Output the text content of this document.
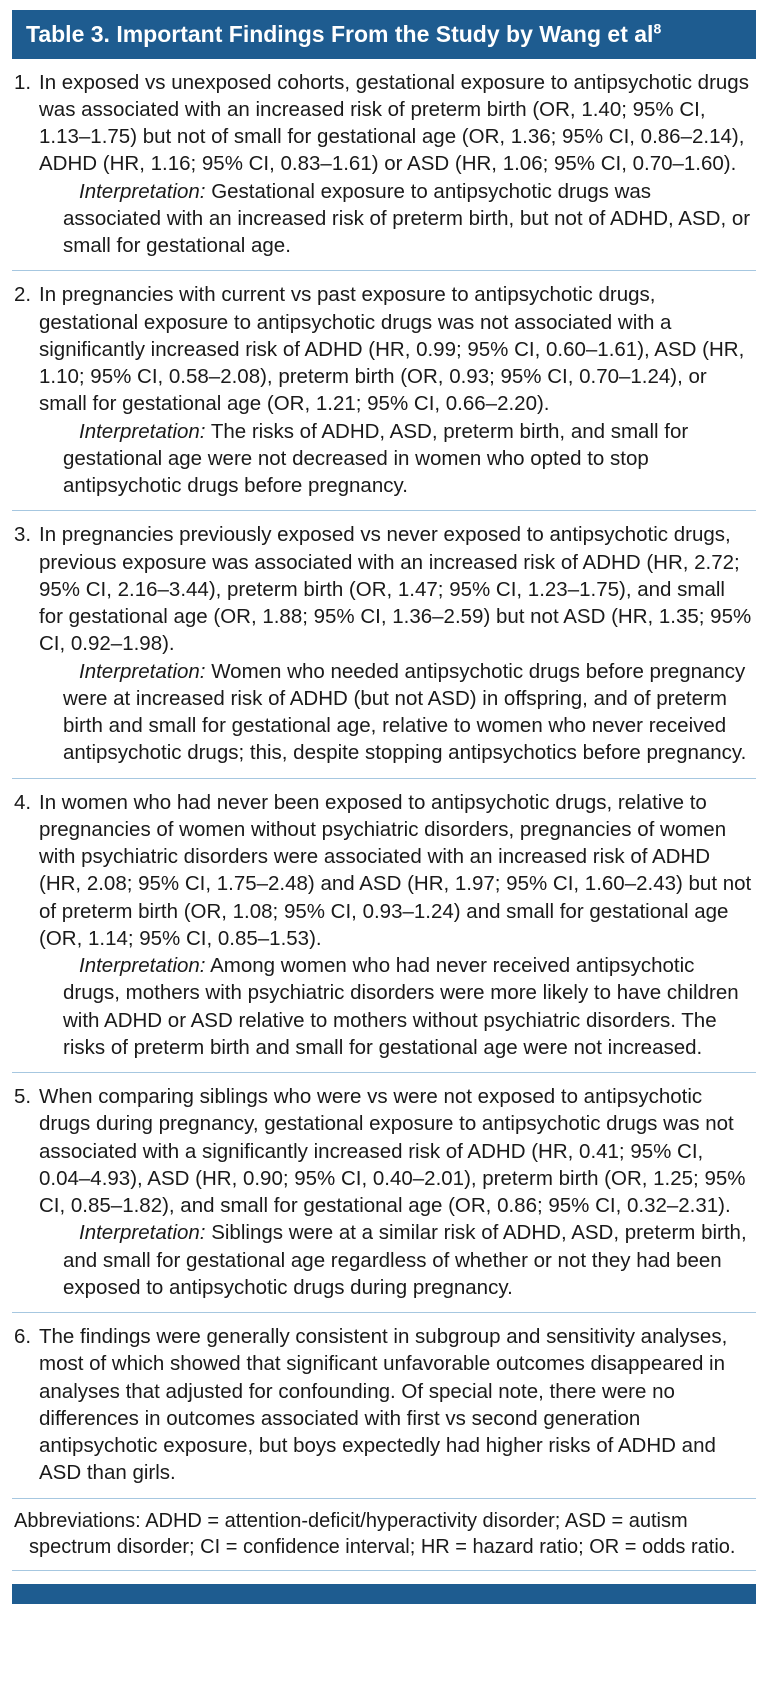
Table 3. Important Findings From the Study by Wang et $al^8$
1. In exposed vs unexposed cohorts, gestational exposure to antipsychotic drugs was associated with an increased risk of preterm birth (OR, 1.40; 95% CI, 1.13–1.75) but not of small for gestational age (OR, 1.36; 95% CI, 0.86–2.14), ADHD (HR, 1.16; 95% CI, 0.83–1.61) or ASD (HR, 1.06; 95% CI, 0.70–1.60).

Interpretation: Gestational exposure to antipsychotic drugs was associated with an increased risk of preterm birth, but not of ADHD, ASD, or small for gestational age.

2. In pregnancies with current vs past exposure to antipsychotic drugs, gestational exposure to antipsychotic drugs was not associated with a significantly increased risk of ADHD (HR, 0.99; 95% CI, 0.60–1.61), ASD (HR, 1.10; 95% CI, 0.58–2.08), preterm birth (OR, 0.93; 95% CI, 0.70–1.24), or small for gestational age (OR, 1.21; 95% CI, 0.66–2.20).

Interpretation: The risks of ADHD, ASD, preterm birth, and small for gestational age were not decreased in women who opted to stop antipsychotic drugs before pregnancy.

3. In pregnancies previously exposed vs never exposed to antipsychotic drugs, previous exposure was associated with an increased risk of ADHD (HR, 2.72; 95% CI, 2.16–3.44), preterm birth (OR, 1.47; 95% CI, 1.23–1.75), and small for gestational age (OR, 1.88; 95% CI, 1.36–2.59) but not ASD (HR, 1.35; 95% CI, 0.92–1.98).

Interpretation: Women who needed antipsychotic drugs before pregnancy were at increased risk of ADHD (but not ASD) in offspring, and of preterm birth and small for gestational age, relative to women who never received antipsychotic drugs; this, despite stopping antipsychotics before pregnancy.

4. In women who had never been exposed to antipsychotic drugs, relative to pregnancies of women without psychiatric disorders, pregnancies of women with psychiatric disorders were associated with an increased risk of ADHD (HR, 2.08; 95% CI, 1.75–2.48) and ASD (HR, 1.97; 95% CI, 1.60–2.43) but not of preterm birth (OR, 1.08; 95% CI, 0.93–1.24) and small for gestational age (OR, 1.14; 95% CI, 0.85–1.53).

Interpretation: Among women who had never received antipsychotic drugs, mothers with psychiatric disorders were more likely to have children with ADHD or ASD relative to mothers without psychiatric disorders. The risks of preterm birth and small for gestational age were not increased.

5. When comparing siblings who were vs were not exposed to antipsychotic drugs during pregnancy, gestational exposure to antipsychotic drugs was not associated with a significantly increased risk of ADHD (HR, 0.41; 95% CI, 0.04–4.93), ASD (HR, 0.90; 95% CI, 0.40–2.01), preterm birth (OR, 1.25; 95% CI, 0.85–1.82), and small for gestational age (OR, 0.86; 95% CI, 0.32–2.31).

Interpretation: Siblings were at a similar risk of ADHD, ASD, preterm birth, and small for gestational age regardless of whether or not they had been exposed to antipsychotic drugs during pregnancy.

6. The findings were generally consistent in subgroup and sensitivity analyses, most of which showed that significant unfavorable outcomes disappeared in analyses that adjusted for confounding. Of special note, there were no differences in outcomes associated with first vs second generation antipsychotic exposure, but boys expectedly had higher risks of ADHD and ASD than girls.

Abbreviations: ADHD = attention-deficit/hyperactivity disorder; ASD = autism spectrum disorder; CI = confidence interval; HR = hazard ratio; OR = odds ratio.
